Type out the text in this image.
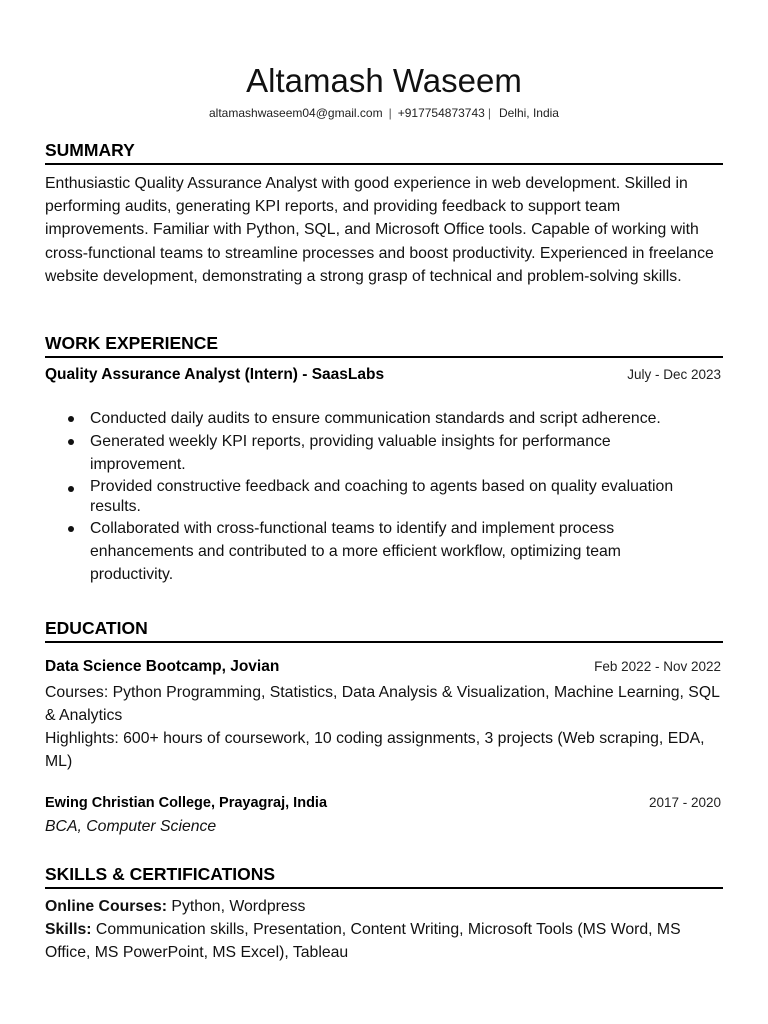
Altamash Waseem
altamashwaseem04@gmail.com | +917754873743 | Delhi, India
SUMMARY
Enthusiastic Quality Assurance Analyst with good experience in web development. Skilled in performing audits, generating KPI reports, and providing feedback to support team improvements. Familiar with Python, SQL, and Microsoft Office tools. Capable of working with cross-functional teams to streamline processes and boost productivity. Experienced in freelance website development, demonstrating a strong grasp of technical and problem-solving skills.
WORK EXPERIENCE
Quality Assurance Analyst (Intern) - SaasLabs	July - Dec 2023
Conducted daily audits to ensure communication standards and script adherence.
Generated weekly KPI reports, providing valuable insights for performance improvement.
Provided constructive feedback and coaching to agents based on quality evaluation results.
Collaborated with cross-functional teams to identify and implement process enhancements and contributed to a more efficient workflow, optimizing team productivity.
EDUCATION
Data Science Bootcamp, Jovian	Feb 2022 - Nov 2022
Courses: Python Programming, Statistics, Data Analysis & Visualization, Machine Learning, SQL & Analytics
Highlights: 600+ hours of coursework, 10 coding assignments, 3 projects (Web scraping, EDA, ML)
Ewing Christian College, Prayagraj, India	2017 - 2020
BCA, Computer Science
SKILLS & CERTIFICATIONS
Online Courses: Python, Wordpress
Skills: Communication skills, Presentation, Content Writing, Microsoft Tools (MS Word, MS Office, MS PowerPoint, MS Excel), Tableau
